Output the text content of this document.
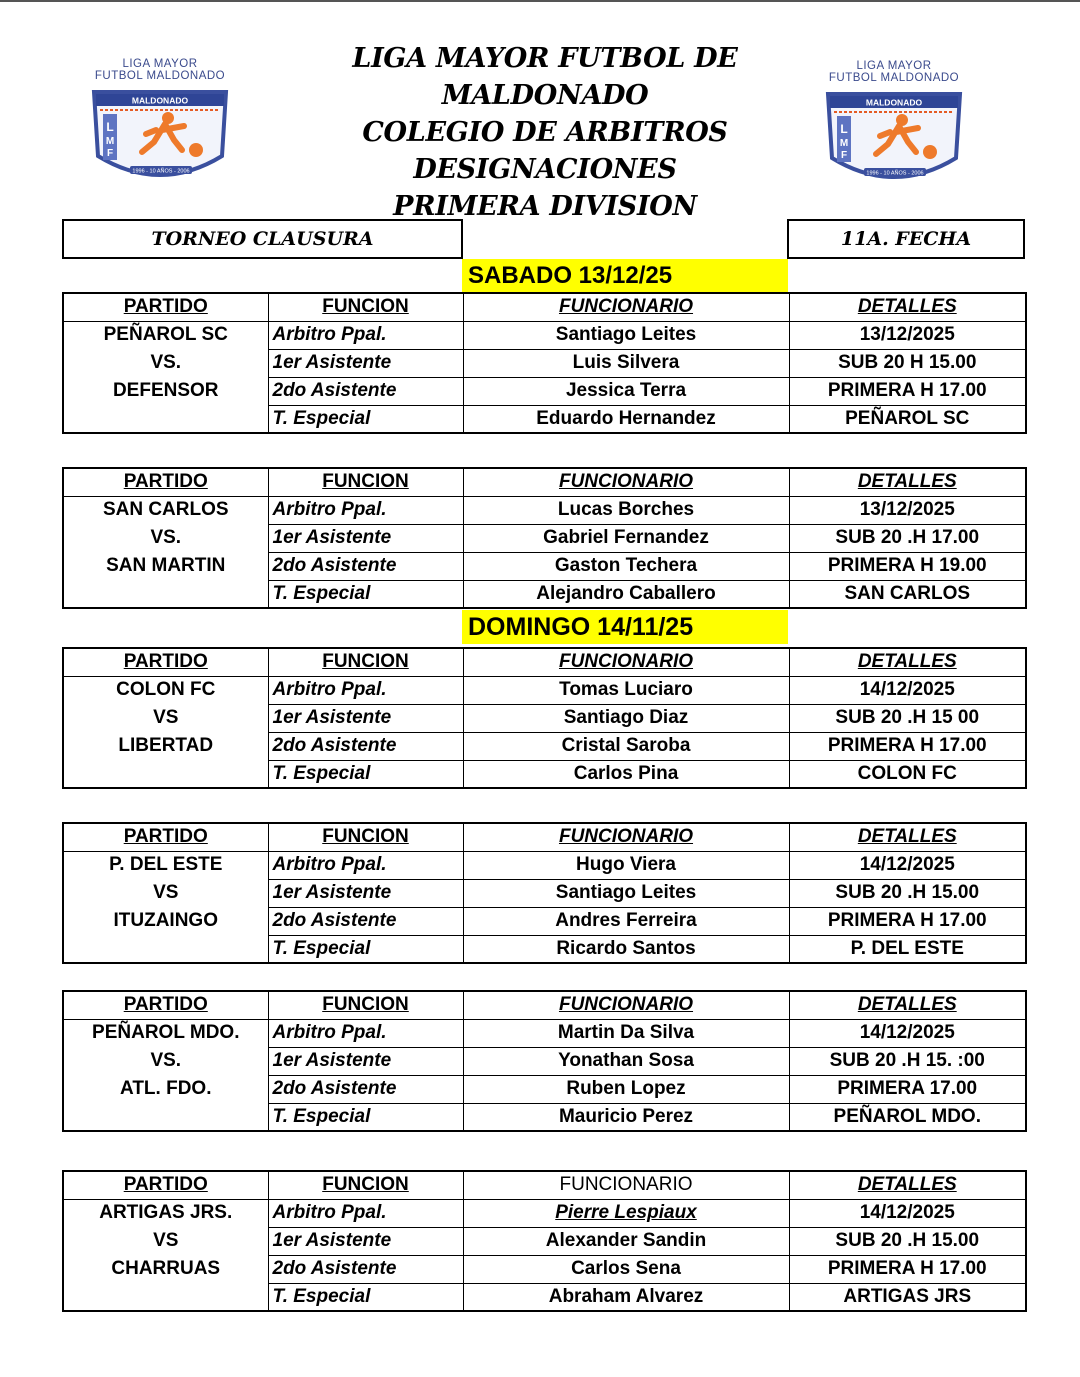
LIGA MAYOR
FUTBOL MALDONADO
MALDONADO
L
M
F
1996 - 10 AÑOS - 2006
LIGA MAYOR
FUTBOL MALDONADO
MALDONADO
L
M
F
1996 - 10 AÑOS - 2006
LIGA MAYOR FUTBOL DE MALDONADO
COLEGIO DE ARBITROS
DESIGNACIONES
PRIMERA DIVISION
TORNEO CLAUSURA	11A. FECHA
SABADO 13/12/25
DOMINGO 14/11/25
PARTIDO	FUNCION	FUNCIONARIO	DETALLES
PEÑAROL SC	Arbitro Ppal.	Santiago Leites	13/12/2025
VS.	1er Asistente	Luis Silvera	SUB 20 H 15.00
DEFENSOR	2do Asistente	Jessica Terra	PRIMERA H 17.00
	T. Especial	Eduardo Hernandez	PEÑAROL SC
PARTIDO	FUNCION	FUNCIONARIO	DETALLES
SAN CARLOS	Arbitro Ppal.	Lucas Borches	13/12/2025
VS.	1er Asistente	Gabriel Fernandez	SUB 20 .H 17.00
SAN MARTIN	2do Asistente	Gaston Techera	PRIMERA H 19.00
	T. Especial	Alejandro Caballero	SAN CARLOS
PARTIDO	FUNCION	FUNCIONARIO	DETALLES
COLON FC	Arbitro Ppal.	Tomas Luciaro	14/12/2025
VS	1er Asistente	Santiago Diaz	SUB 20 .H 15 00
LIBERTAD	2do Asistente	Cristal Saroba	PRIMERA H 17.00
	T. Especial	Carlos Pina	COLON FC
PARTIDO	FUNCION	FUNCIONARIO	DETALLES
P. DEL ESTE	Arbitro Ppal.	Hugo Viera	14/12/2025
VS	1er Asistente	Santiago Leites	SUB 20 .H 15.00
ITUZAINGO	2do Asistente	Andres Ferreira	PRIMERA H 17.00
	T. Especial	Ricardo Santos	P. DEL ESTE
PARTIDO	FUNCION	FUNCIONARIO	DETALLES
PEÑAROL MDO.	Arbitro Ppal.	Martin Da Silva	14/12/2025
VS.	1er Asistente	Yonathan Sosa	SUB 20 .H 15. :00
ATL. FDO.	2do Asistente	Ruben Lopez	PRIMERA 17.00
	T. Especial	Mauricio Perez	PEÑAROL MDO.
PARTIDO	FUNCION	FUNCIONARIO	DETALLES
ARTIGAS JRS.	Arbitro Ppal.	Pierre Lespiaux	14/12/2025
VS	1er Asistente	Alexander Sandin	SUB 20 .H 15.00
CHARRUAS	2do Asistente	Carlos Sena	PRIMERA H 17.00
	T. Especial	Abraham Alvarez	ARTIGAS JRS
